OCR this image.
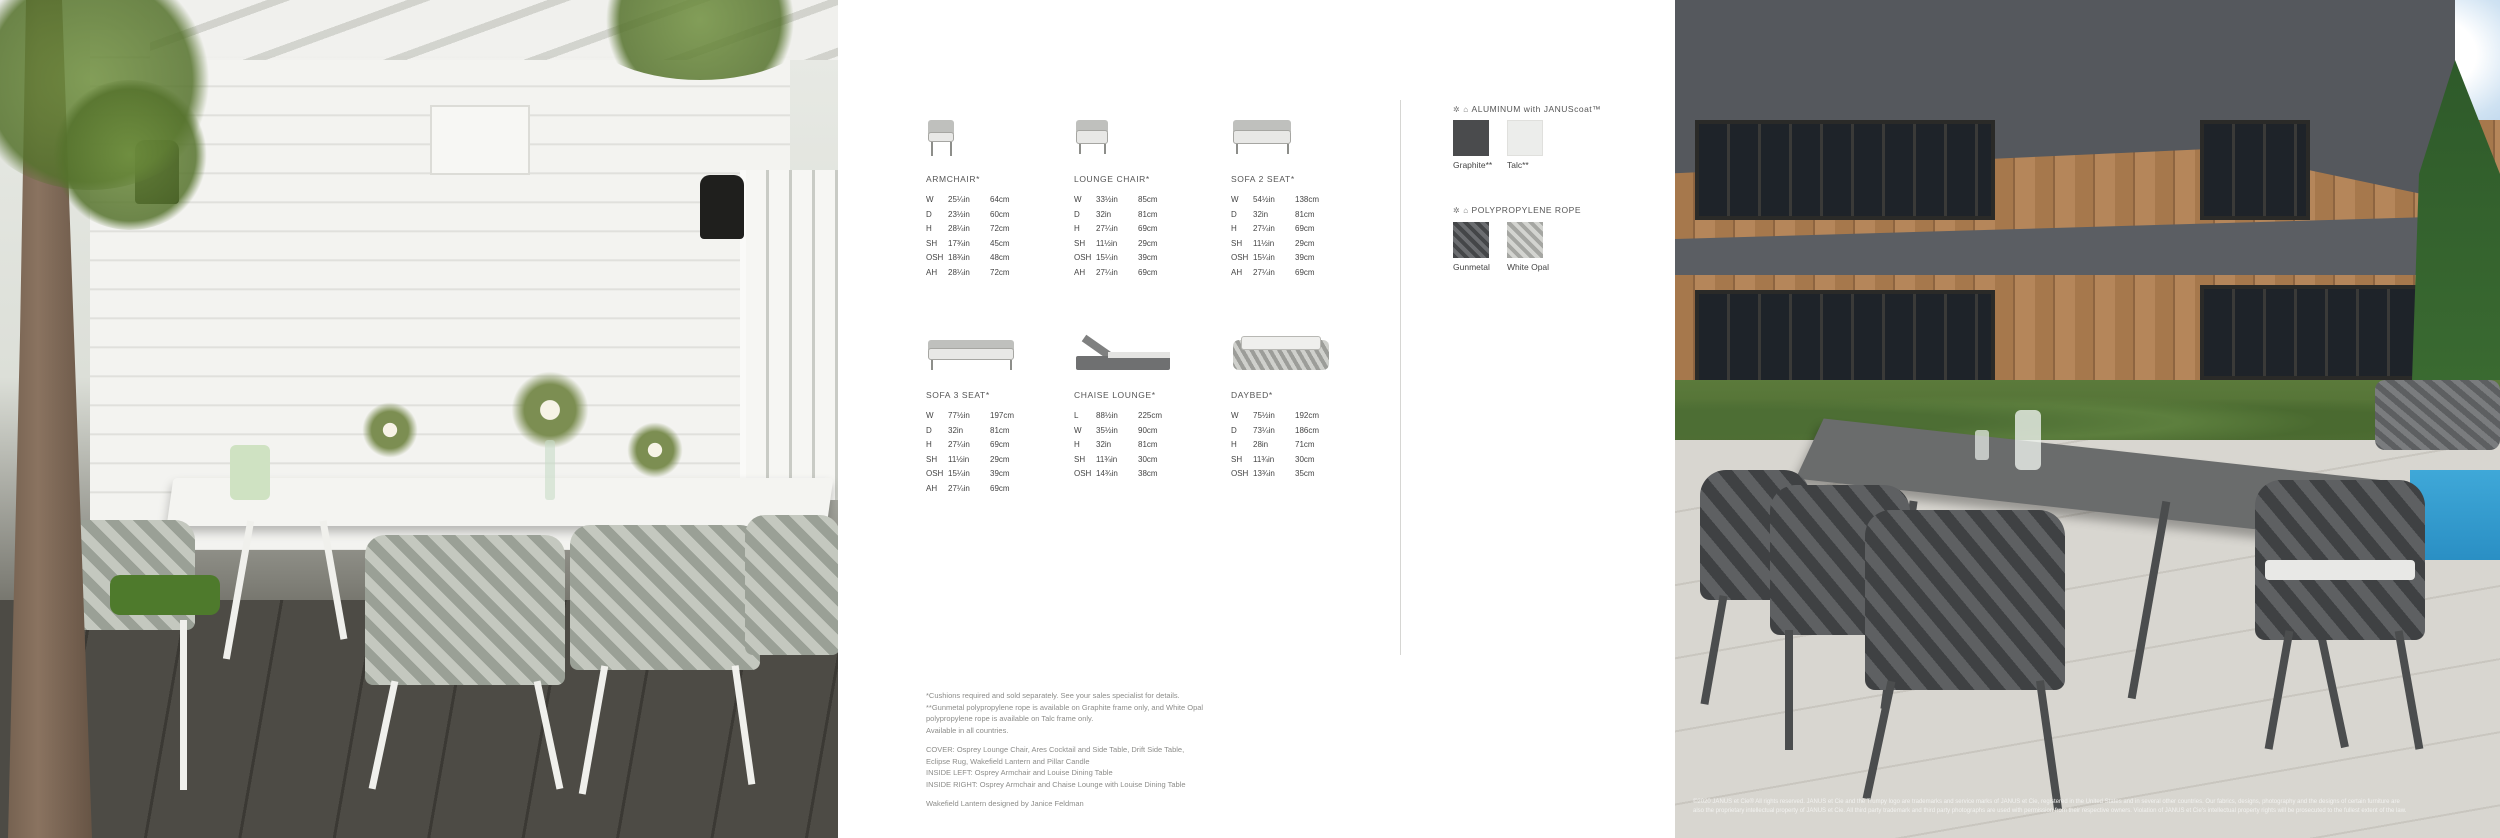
ARMCHAIR*
W	25¼in	64cm
D	23½in	60cm
H	28¼in	72cm
SH	17¾in	45cm
OSH 18¾in	48cm
AH	28¼in	72cm
LOUNGE CHAIR*
W	33½in	85cm
D	32in	81cm
H	27¼in	69cm
SH	11½in	29cm
OSH 15¼in	39cm
AH	27¼in	69cm
SOFA 2 SEAT*
W	54½in	138cm
D	32in	81cm
H	27¼in	69cm
SH	11½in	29cm
OSH 15¼in	39cm
AH	27¼in	69cm
SOFA 3 SEAT*
W	77½in	197cm
D	32in	81cm
H	27¼in	69cm
SH	11½in	29cm
OSH 15¼in	39cm
AH	27¼in	69cm
CHAISE LOUNGE*
L	88½in	225cm
W	35½in	90cm
H	32in	81cm
SH	11¾in	30cm
OSH 14¾in	38cm
DAYBED*
W	75½in	192cm
D	73¼in	186cm
H	28in	71cm
SH	11¾in	30cm
OSH 13¾in	35cm
✲ ⌂ ALUMINUM with JANUScoat™
Graphite** Talc**
✲ ⌂ POLYPROPYLENE ROPE
Gunmetal White Opal

*Cushions required and sold separately. See your sales specialist for details.

**Gunmetal polypropylene rope is available on Graphite frame only, and White Opal

polypropylene rope is available on Talc frame only.

Available in all countries.

COVER: Osprey Lounge Chair, Ares Cocktail and Side Table, Drift Side Table,

Eclipse Rug, Wakefield Lantern and Pillar Candle

INSIDE LEFT: Osprey Armchair and Louise Dining Table

INSIDE RIGHT: Osprey Armchair and Chaise Lounge with Louise Dining Table

Wakefield Lantern designed by Janice Feldman	©2020 JANUS et Cie® All rights reserved. JANUS et Cie and the Trumpy logo are trademarks and service marks of JANUS et Cie, registered in the United States and in several other countries. Our fabrics, designs, photography and the designs of certain furniture are
also the proprietary intellectual property of JANUS et Cie. All third party trademark and third party photographs are used with permission from their respective owners. Violation of JANUS et Cie's intellectual property rights will be prosecuted to the fullest extent of the law.
